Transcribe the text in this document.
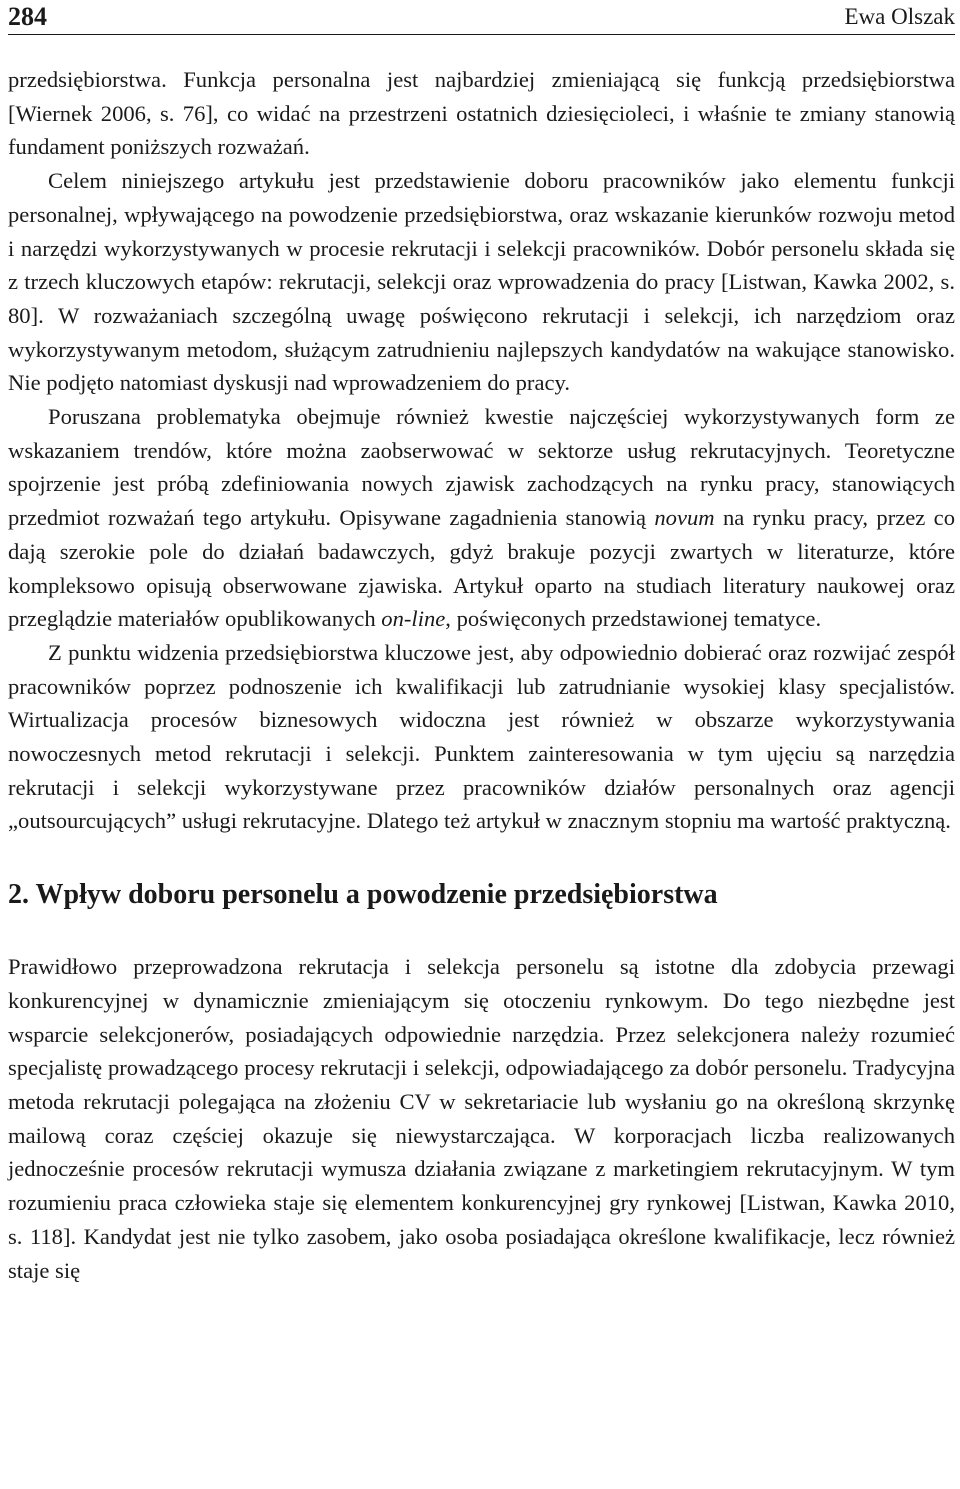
284	Ewa Olszak

przedsiębiorstwa. Funkcja personalna jest najbardziej zmieniającą się funkcją przedsiębiorstwa [Wiernek 2006, s. 76], co widać na przestrzeni ostatnich dziesięcioleci, i właśnie te zmiany stanowią fundament poniższych rozważań.

Celem niniejszego artykułu jest przedstawienie doboru pracowników jako elementu funkcji personalnej, wpływającego na powodzenie przedsiębiorstwa, oraz wskazanie kierunków rozwoju metod i narzędzi wykorzystywanych w procesie rekrutacji i selekcji pracowników. Dobór personelu składa się z trzech kluczowych etapów: rekrutacji, selekcji oraz wprowadzenia do pracy [Listwan, Kawka 2002, s. 80]. W rozważaniach szczególną uwagę poświęcono rekrutacji i selekcji, ich narzędziom oraz wykorzystywanym metodom, służącym zatrudnieniu najlepszych kandydatów na wakujące stanowisko. Nie podjęto natomiast dyskusji nad wprowadzeniem do pracy.

Poruszana problematyka obejmuje również kwestie najczęściej wykorzystywanych form ze wskazaniem trendów, które można zaobserwować w sektorze usług rekrutacyjnych. Teoretyczne spojrzenie jest próbą zdefiniowania nowych zjawisk zachodzących na rynku pracy, stanowiących przedmiot rozważań tego artykułu. Opisywane zagadnienia stanowią novum na rynku pracy, przez co dają szerokie pole do działań badawczych, gdyż brakuje pozycji zwartych w literaturze, które kompleksowo opisują obserwowane zjawiska. Artykuł oparto na studiach literatury naukowej oraz przeglądzie materiałów opublikowanych on-line, poświęconych przedstawionej tematyce.

Z punktu widzenia przedsiębiorstwa kluczowe jest, aby odpowiednio dobierać oraz rozwijać zespół pracowników poprzez podnoszenie ich kwalifikacji lub zatrudnianie wysokiej klasy specjalistów. Wirtualizacja procesów biznesowych widoczna jest również w obszarze wykorzystywania nowoczesnych metod rekrutacji i selekcji. Punktem zainteresowania w tym ujęciu są narzędzia rekrutacji i selekcji wykorzystywane przez pracowników działów personalnych oraz agencji „outsourcujących” usługi rekrutacyjne. Dlatego też artykuł w znacznym stopniu ma wartość praktyczną.

2. Wpływ doboru personelu a powodzenie przedsiębiorstwa

Prawidłowo przeprowadzona rekrutacja i selekcja personelu są istotne dla zdobycia przewagi konkurencyjnej w dynamicznie zmieniającym się otoczeniu rynkowym. Do tego niezbędne jest wsparcie selekcjonerów, posiadających odpowiednie narzędzia. Przez selekcjonera należy rozumieć specjalistę prowadzącego procesy rekrutacji i selekcji, odpowiadającego za dobór personelu. Tradycyjna metoda rekrutacji polegająca na złożeniu CV w sekretariacie lub wysłaniu go na określoną skrzynkę mailową coraz częściej okazuje się niewystarczająca. W korporacjach liczba realizowanych jednocześnie procesów rekrutacji wymusza działania związane z marketingiem rekrutacyjnym. W tym rozumieniu praca człowieka staje się elementem konkurencyjnej gry rynkowej [Listwan, Kawka 2010, s. 118]. Kandydat jest nie tylko zasobem, jako osoba posiadająca określone kwalifikacje, lecz również staje się
